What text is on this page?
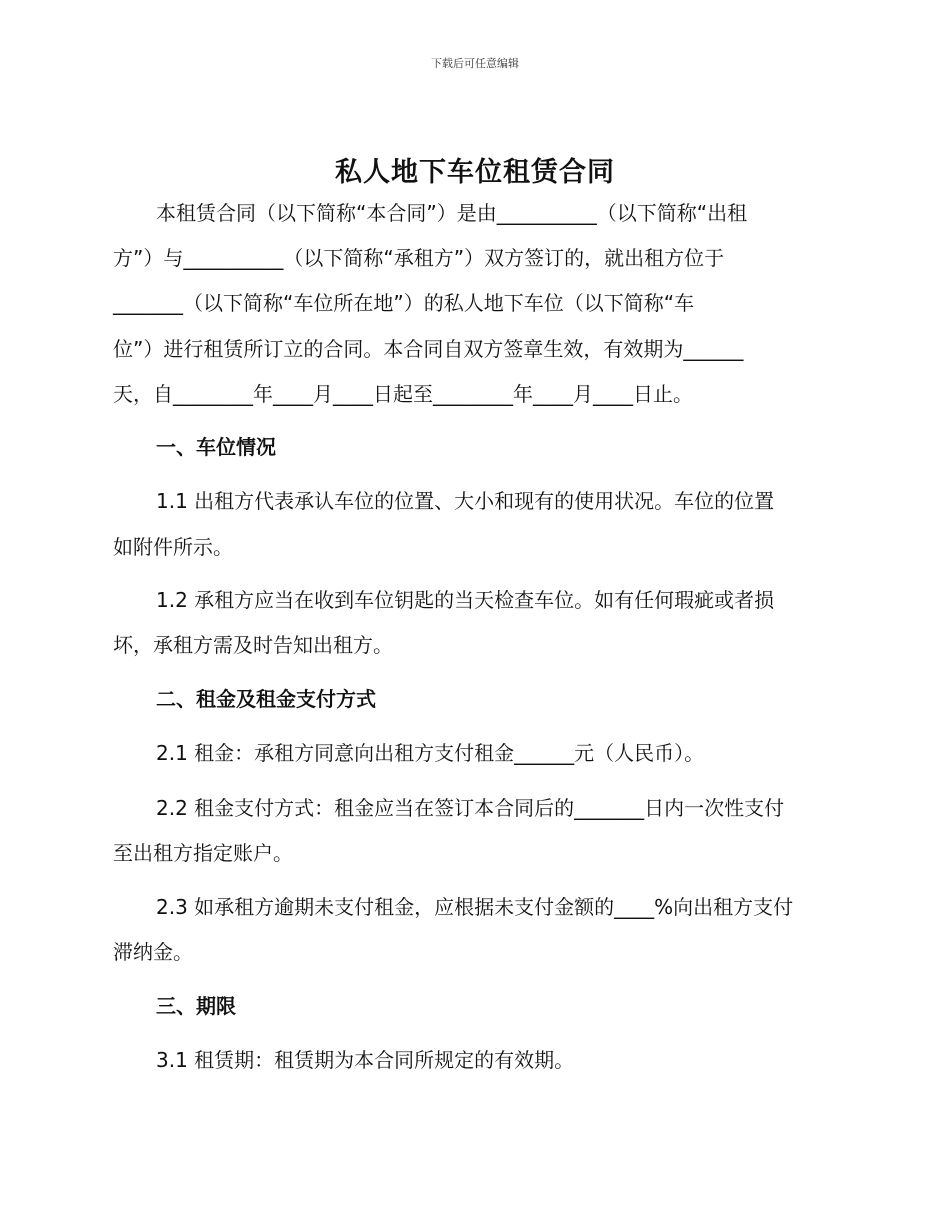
下载后可任意编辑
私人地下车位租赁合同
本租赁合同（以下简称“本合同”）是由__________（以下简称“出租
方”）与__________（以下简称“承租方”）双方签订的，就出租方位于
_______（以下简称“车位所在地”）的私人地下车位（以下简称“车
位”）进行租赁所订立的合同。本合同自双方签章生效，有效期为______
天，自________年____月____日起至________年____月____日止。
一、车位情况
1.1 出租方代表承认车位的位置、大小和现有的使用状况。车位的位置
如附件所示。
1.2 承租方应当在收到车位钥匙的当天检查车位。如有任何瑕疵或者损
坏，承租方需及时告知出租方。
二、租金及租金支付方式
2.1 租金：承租方同意向出租方支付租金______元（人民币）。
2.2 租金支付方式：租金应当在签订本合同后的_______日内一次性支付
至出租方指定账户。
2.3 如承租方逾期未支付租金，应根据未支付金额的____%向出租方支付
滞纳金。
三、期限
3.1 租赁期：租赁期为本合同所规定的有效期。
